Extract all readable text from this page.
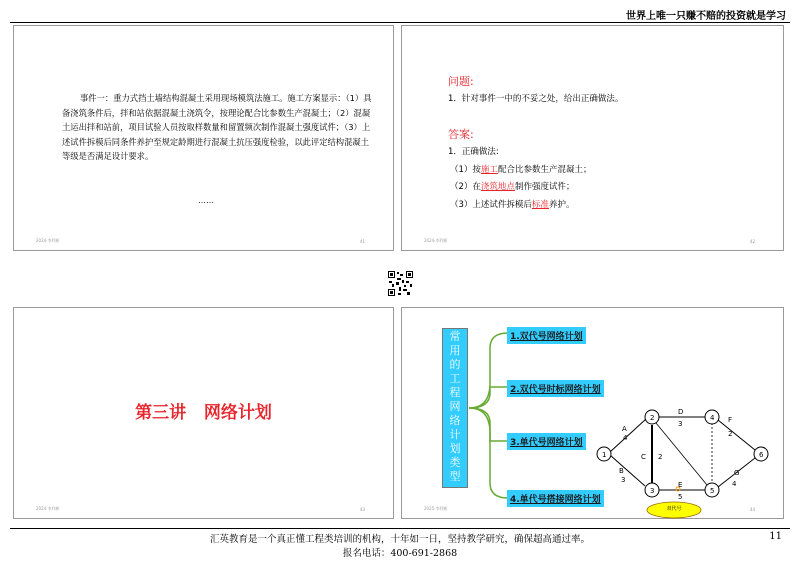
世界上唯一只赚不赔的投资就是学习
事件一：重力式挡土墙结构混凝土采用现场模筑法施工。施工方案显示：（1）具备浇筑条件后，拌和站依据混凝土浇筑令，按理论配合比参数生产混凝土；（2）混凝土运出拌和站前，项目试验人员按取样数量和留置频次制作混凝土强度试件；（3）上述试件拆模后同条件养护至规定龄期进行混凝土抗压强度检验，以此评定结构混凝土等级是否满足设计要求。
……
2024·李利彬	41
问题:
1．针对事件一中的不妥之处，给出正确做法。
答案:
1．正确做法:
（1）按施工配合比参数生产混凝土；
（2）在浇筑地点制作强度试件；
（3）上述试件拆模后标准养护。
2024·李利彬	42
第三讲   网络计划
2024·李利彬	43
常用的工程网络计划类型
1.双代号网络计划
2.双代号时标网络计划
3.单代号网络计划
4.单代号搭接网络计划
A
4
B
3
C 2
D
3
E
5
F
2
G
4
1
2
3
4
5
6
双代号
2025·李利彬	44
汇英教育是一个真正懂工程类培训的机构，十年如一日，坚持教学研究，确保超高通过率。
报名电话：400-691-2868
11
